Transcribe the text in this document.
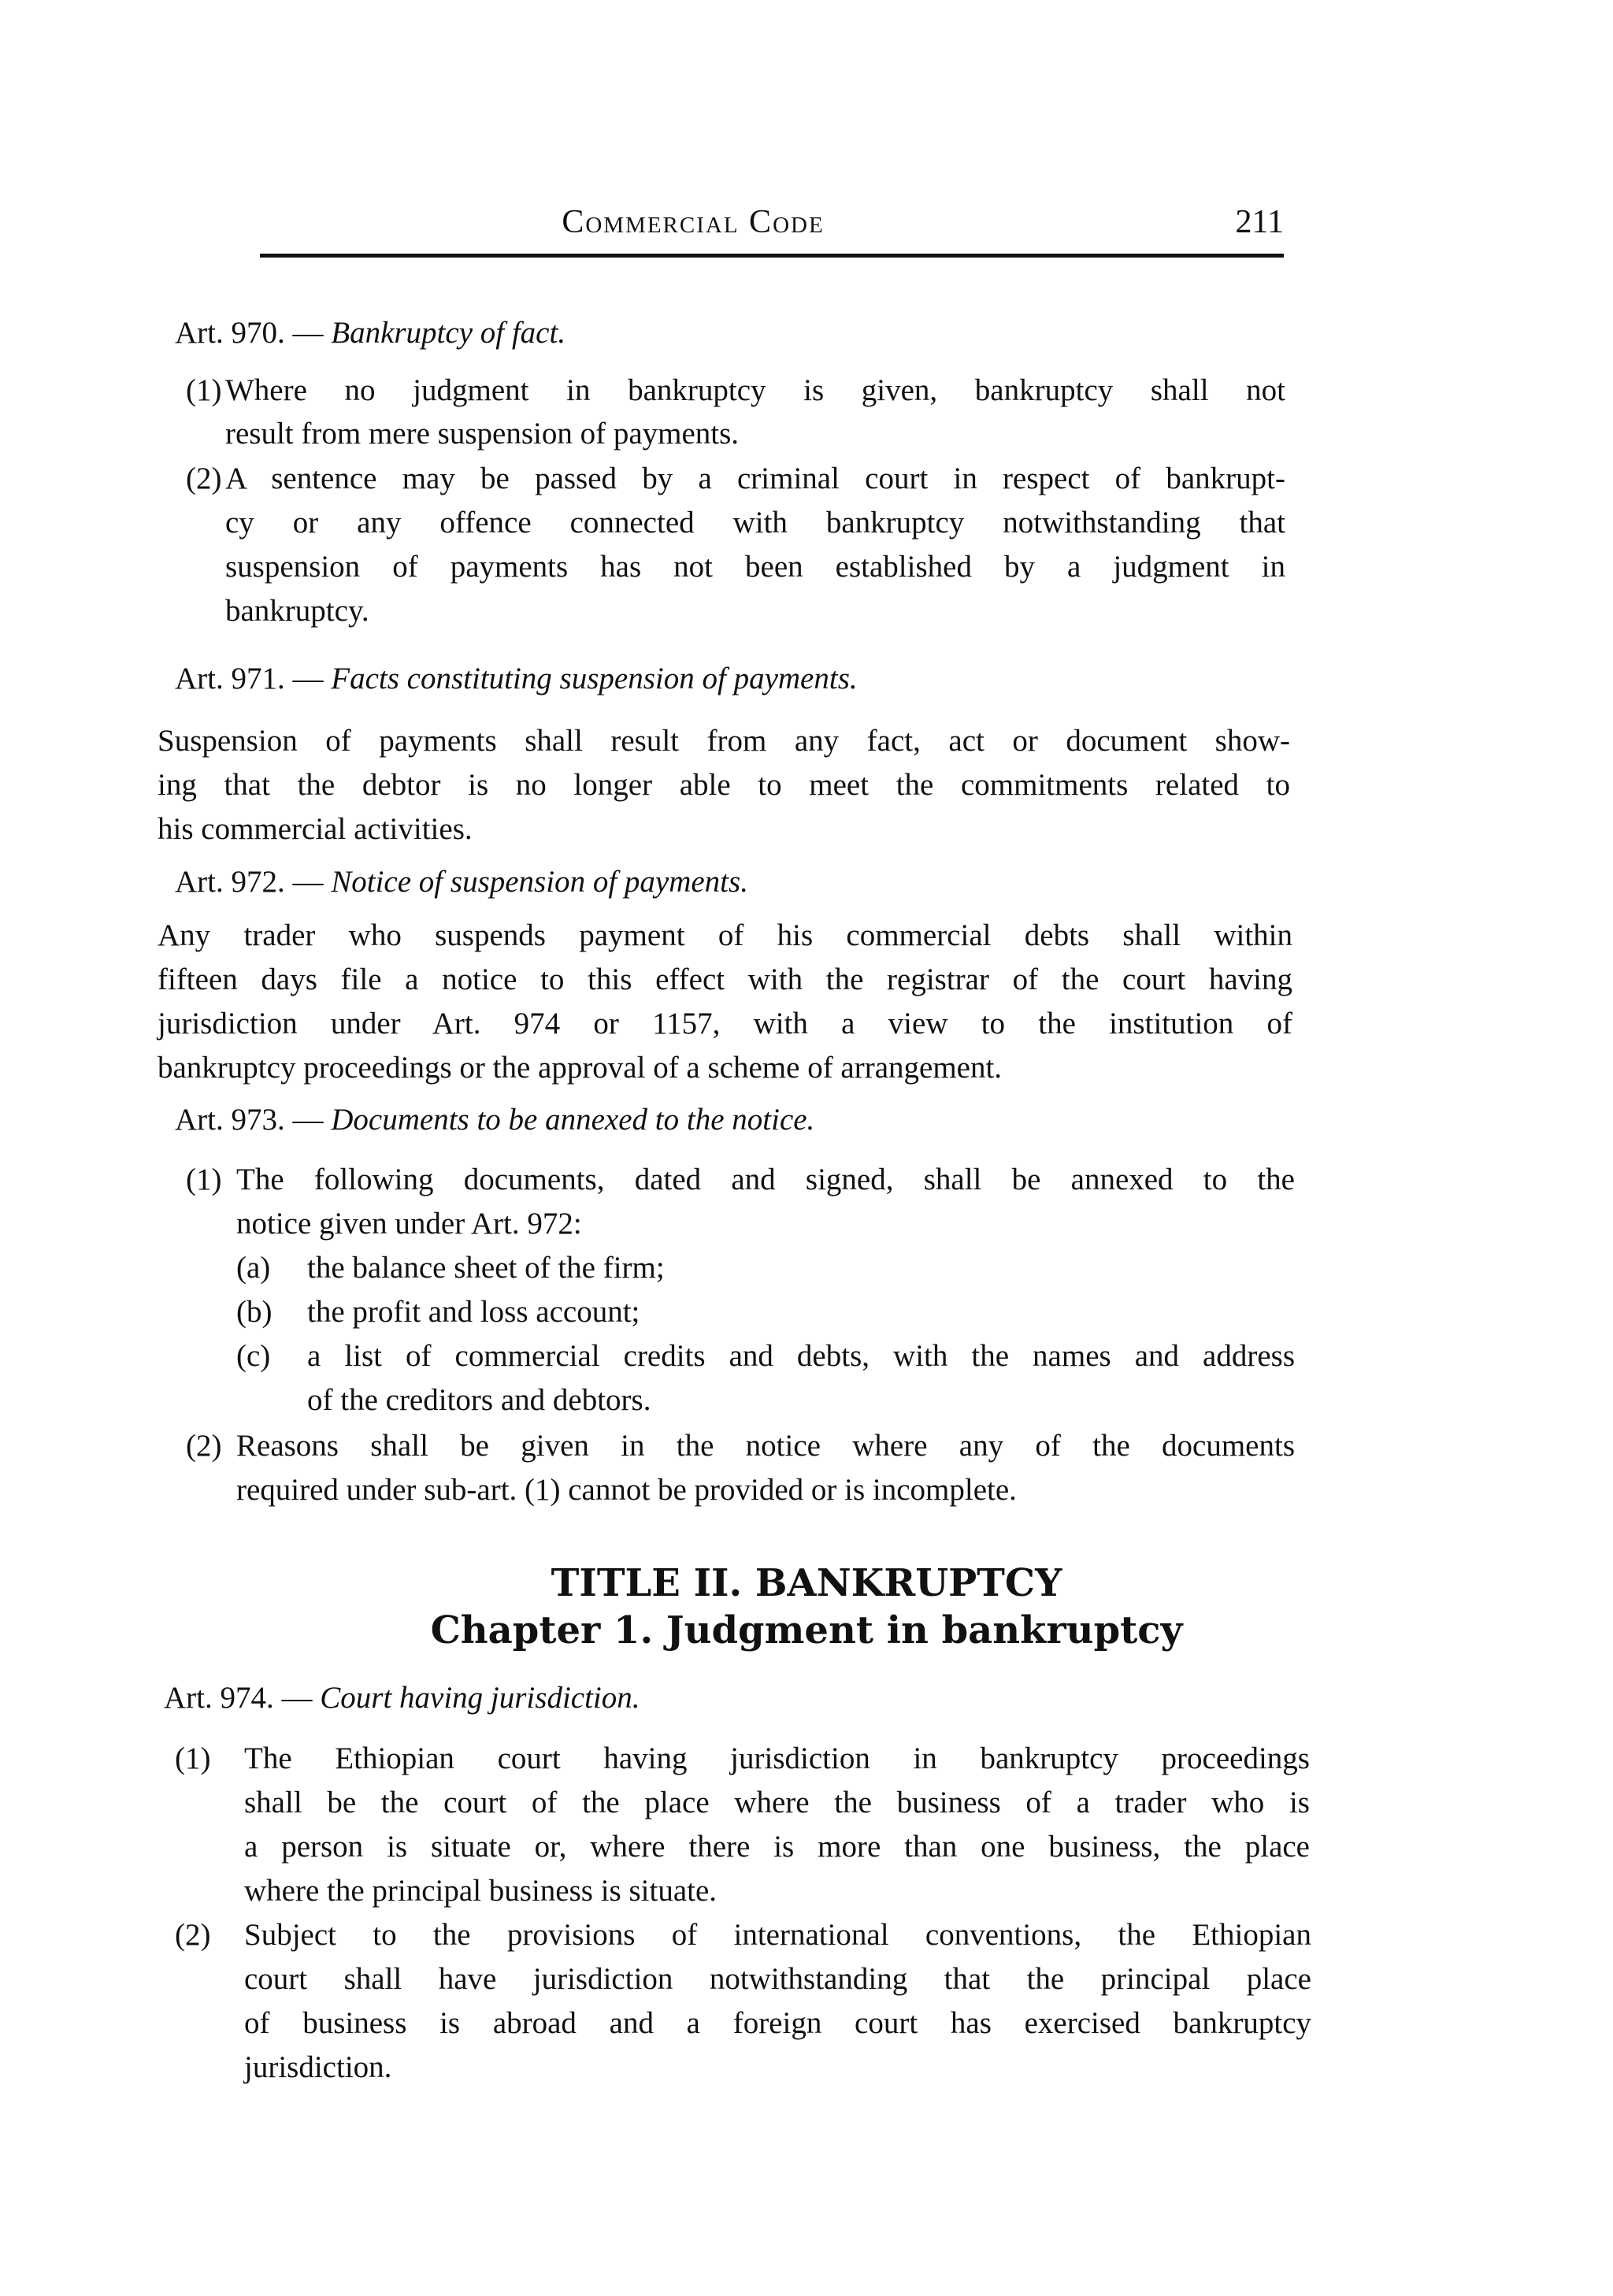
Commercial Code	211
Art. 970. — Bankruptcy of fact.
(1) Where no judgment in bankruptcy is given, bankruptcy shall not
result from mere suspension of payments.
(2) A sentence may be passed by a criminal court in respect of bankrupt-
cy or any offence connected with bankruptcy notwithstanding that
suspension of payments has not been established by a judgment in
bankruptcy.
Art. 971. — Facts constituting suspension of payments.
Suspension of payments shall result from any fact, act or document show-
ing that the debtor is no longer able to meet the commitments related to
his commercial activities.
Art. 972. — Notice of suspension of payments.
Any trader who suspends payment of his commercial debts shall within
fifteen days file a notice to this effect with the registrar of the court having
jurisdiction under Art. 974 or 1157, with a view to the institution of
bankruptcy proceedings or the approval of a scheme of arrangement.
Art. 973. — Documents to be annexed to the notice.
(1) The following documents, dated and signed, shall be annexed to the
notice given under Art. 972:
(a) the balance sheet of the firm;
(b) the profit and loss account;
(c) a list of commercial credits and debts, with the names and address
of the creditors and debtors.
(2) Reasons shall be given in the notice where any of the documents
required under sub-art. (1) cannot be provided or is incomplete.
TITLE II. BANKRUPTCY
Chapter 1. Judgment in bankruptcy
Art. 974. — Court having jurisdiction.
(1) The Ethiopian court having jurisdiction in bankruptcy proceedings
shall be the court of the place where the business of a trader who is
a person is situate or, where there is more than one business, the place
where the principal business is situate.
(2) Subject to the provisions of international conventions, the Ethiopian
court shall have jurisdiction notwithstanding that the principal place
of business is abroad and a foreign court has exercised bankruptcy
jurisdiction.
